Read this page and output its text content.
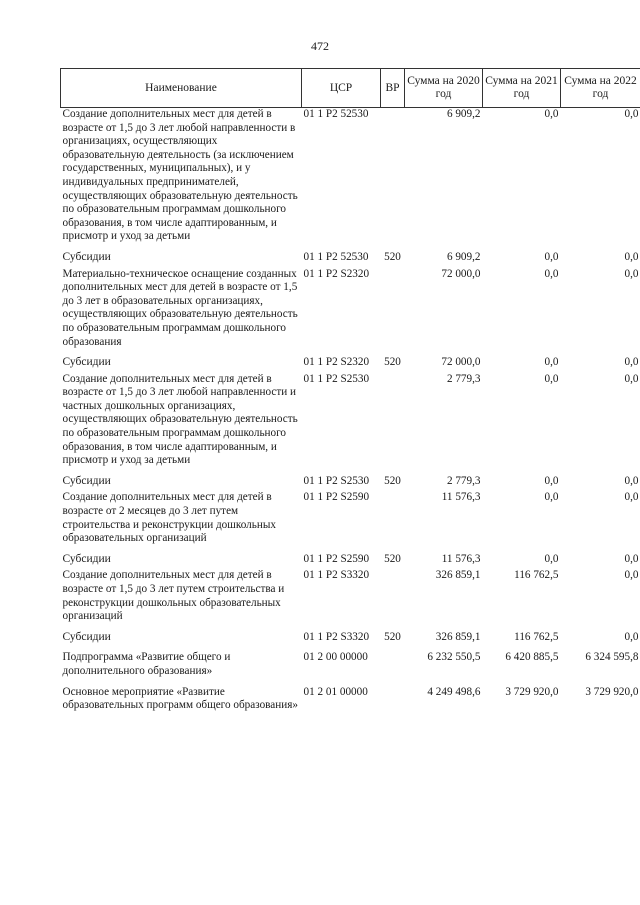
472
Наименование	ЦСР	ВР	Сумма на 2020 год	Сумма на 2021 год	Сумма на 2022 год
Создание дополнительных мест для детей в возрасте от 1,5 до 3 лет любой направленности в организациях, осуществляющих образовательную деятельность (за исключением государственных, муниципальных), и у индивидуальных предпринимателей, осуществляющих образовательную деятельность по образовательным программам дошкольного образования, в том числе адаптированным, и присмотр и уход за детьми	01 1 Р2 52530		6 909,2	0,0	0,0
Субсидии	01 1 Р2 52530	520	6 909,2	0,0	0,0
Материально-техническое оснащение созданных дополнительных мест для детей в возрасте от 1,5 до 3 лет в образовательных организациях, осуществляющих образовательную деятельность по образовательным программам дошкольного образования	01 1 Р2 S2320		72 000,0	0,0	0,0
Субсидии	01 1 Р2 S2320	520	72 000,0	0,0	0,0
Создание дополнительных мест для детей в возрасте от 1,5 до 3 лет любой направленности и частных дошкольных организациях, осуществляющих образовательную деятельность по образовательным программам дошкольного образования, в том числе адаптированным, и присмотр и уход за детьми	01 1 Р2 S2530		2 779,3	0,0	0,0
Субсидии	01 1 Р2 S2530	520	2 779,3	0,0	0,0
Создание дополнительных мест для детей в возрасте от 2 месяцев до 3 лет путем строительства и реконструкции дошкольных образовательных организаций	01 1 Р2 S2590		11 576,3	0,0	0,0
Субсидии	01 1 Р2 S2590	520	11 576,3	0,0	0,0
Создание дополнительных мест для детей в возрасте от 1,5 до 3 лет путем строительства и реконструкции дошкольных образовательных организаций	01 1 Р2 S3320		326 859,1	116 762,5	0,0
Субсидии	01 1 Р2 S3320	520	326 859,1	116 762,5	0,0
Подпрограмма «Развитие общего и дополнительного образования»	01 2 00 00000		6 232 550,5	6 420 885,5	6 324 595,8
Основное мероприятие «Развитие образовательных программ общего образования»	01 2 01 00000		4 249 498,6	3 729 920,0	3 729 920,0
